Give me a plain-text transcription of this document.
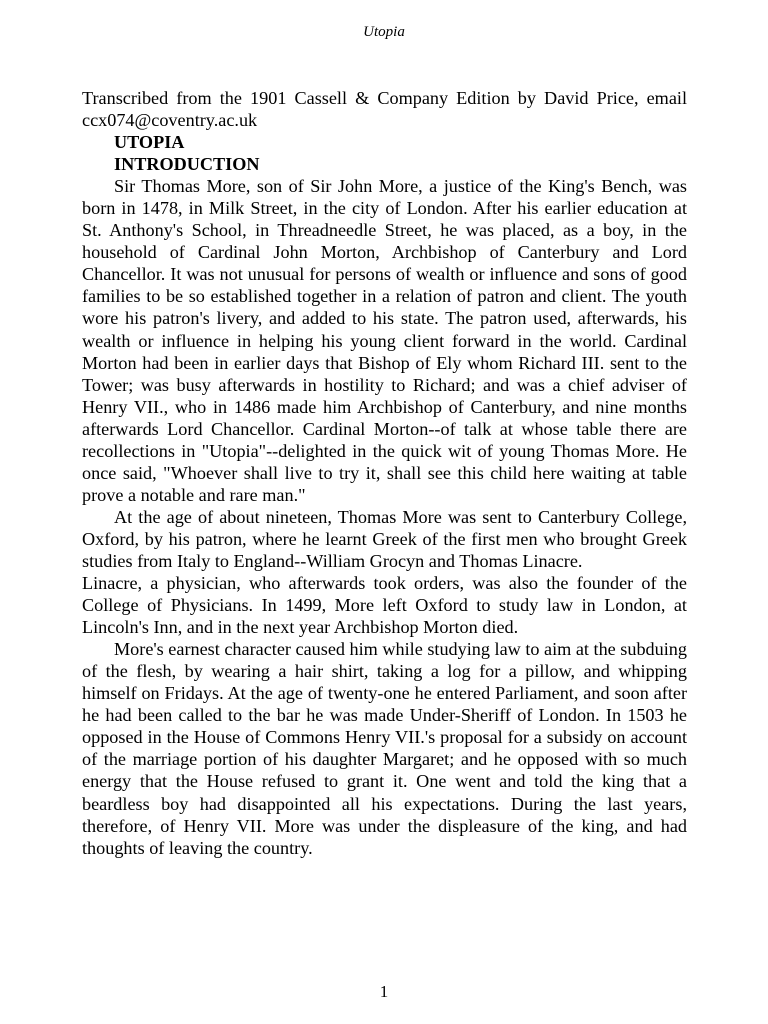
Utopia

Transcribed from the 1901 Cassell & Company Edition by David Price, email ccx074@coventry.ac.uk

UTOPIA

INTRODUCTION

Sir Thomas More, son of Sir John More, a justice of the King's Bench, was born in 1478, in Milk Street, in the city of London. After his earlier education at St. Anthony's School, in Threadneedle Street, he was placed, as a boy, in the household of Cardinal John Morton, Archbishop of Canterbury and Lord Chancellor. It was not unusual for persons of wealth or influence and sons of good families to be so established together in a relation of patron and client. The youth wore his patron's livery, and added to his state. The patron used, afterwards, his wealth or influence in helping his young client forward in the world. Cardinal Morton had been in earlier days that Bishop of Ely whom Richard III. sent to the Tower; was busy afterwards in hostility to Richard; and was a chief adviser of Henry VII., who in 1486 made him Archbishop of Canterbury, and nine months afterwards Lord Chancellor. Cardinal Morton--of talk at whose table there are recollections in "Utopia"--delighted in the quick wit of young Thomas More. He once said, "Whoever shall live to try it, shall see this child here waiting at table prove a notable and rare man."

At the age of about nineteen, Thomas More was sent to Canterbury College, Oxford, by his patron, where he learnt Greek of the first men who brought Greek studies from Italy to England--William Grocyn and Thomas Linacre.

Linacre, a physician, who afterwards took orders, was also the founder of the College of Physicians. In 1499, More left Oxford to study law in London, at Lincoln's Inn, and in the next year Archbishop Morton died.

More's earnest character caused him while studying law to aim at the subduing of the flesh, by wearing a hair shirt, taking a log for a pillow, and whipping himself on Fridays. At the age of twenty-one he entered Parliament, and soon after he had been called to the bar he was made Under-Sheriff of London. In 1503 he opposed in the House of Commons Henry VII.'s proposal for a subsidy on account of the marriage portion of his daughter Margaret; and he opposed with so much energy that the House refused to grant it. One went and told the king that a beardless boy had disappointed all his expectations. During the last years, therefore, of Henry VII. More was under the displeasure of the king, and had thoughts of leaving the country.

1
